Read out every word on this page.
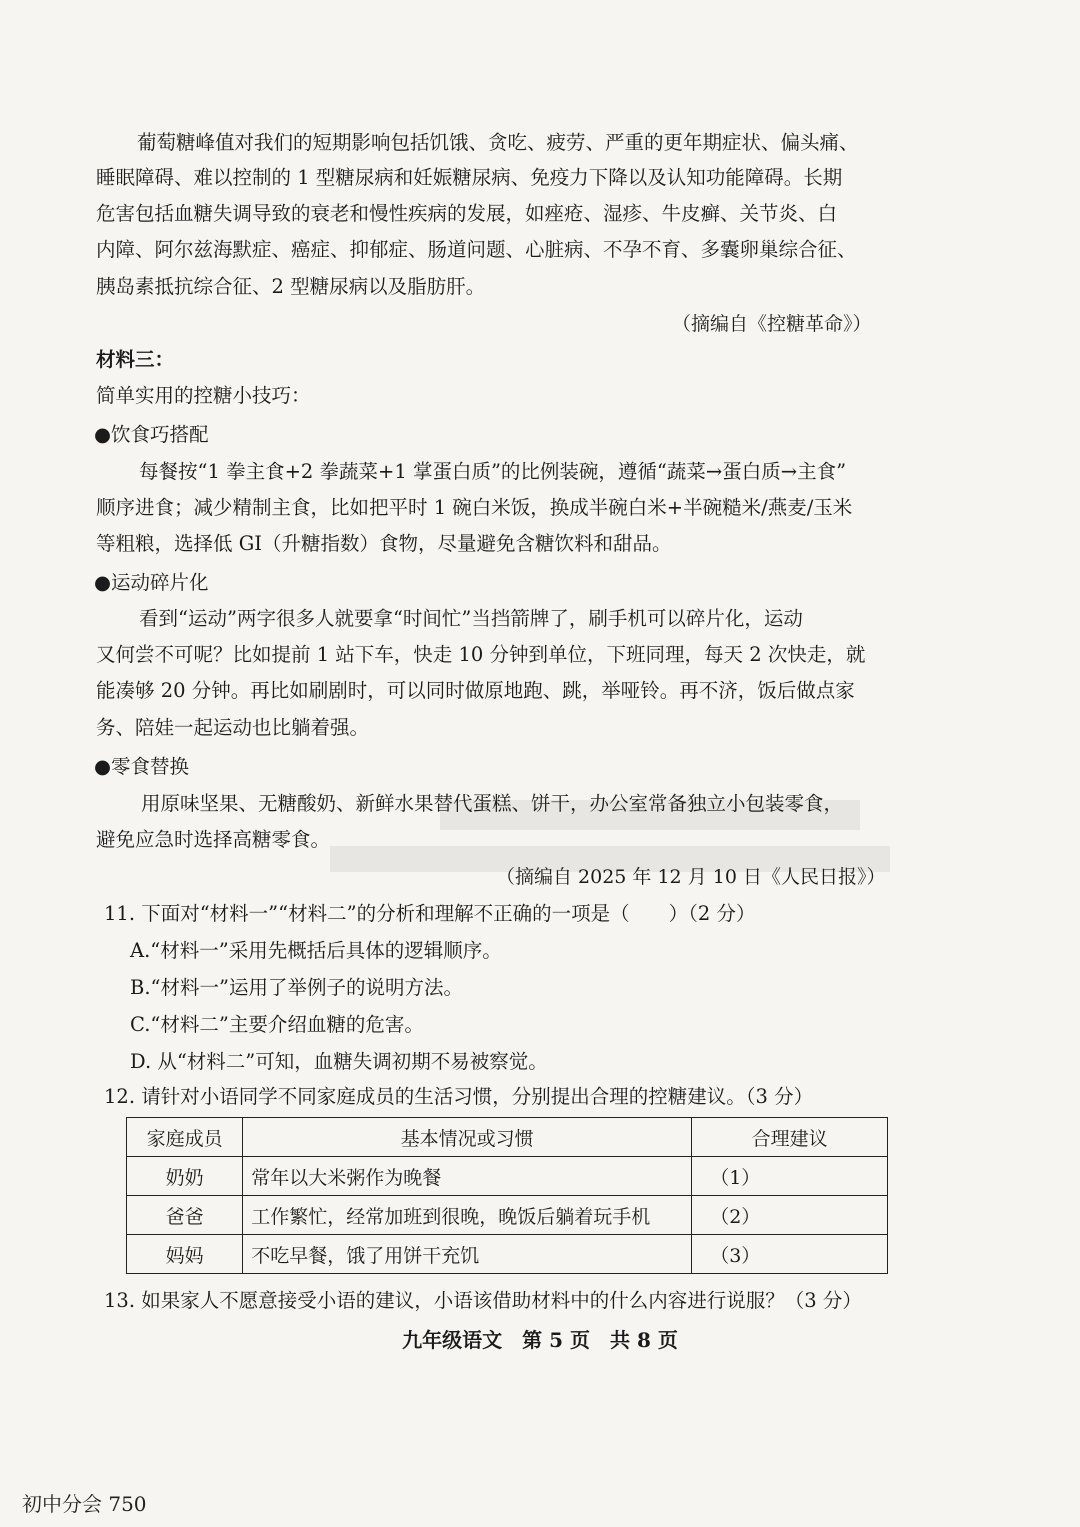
葡萄糖峰值对我们的短期影响包括饥饿、贪吃、疲劳、严重的更年期症状、偏头痛、
睡眠障碍、难以控制的 1 型糖尿病和妊娠糖尿病、免疫力下降以及认知功能障碍。长期
危害包括血糖失调导致的衰老和慢性疾病的发展，如痤疮、湿疹、牛皮癣、关节炎、白
内障、阿尔兹海默症、癌症、抑郁症、肠道问题、心脏病、不孕不育、多囊卵巢综合征、
胰岛素抵抗综合征、2 型糖尿病以及脂肪肝。
（摘编自《控糖革命》）
材料三：
简单实用的控糖小技巧：
●饮食巧搭配
每餐按“1 拳主食+2 拳蔬菜+1 掌蛋白质”的比例装碗，遵循“蔬菜→蛋白质→主食”
顺序进食；减少精制主食，比如把平时 1 碗白米饭，换成半碗白米+半碗糙米/燕麦/玉米
等粗粮，选择低 GI（升糖指数）食物，尽量避免含糖饮料和甜品。
●运动碎片化
看到“运动”两字很多人就要拿“时间忙”当挡箭牌了，刷手机可以碎片化，运动
又何尝不可呢？比如提前 1 站下车，快走 10 分钟到单位，下班同理，每天 2 次快走，就
能凑够 20 分钟。再比如刷剧时，可以同时做原地跑、跳，举哑铃。再不济，饭后做点家
务、陪娃一起运动也比躺着强。
●零食替换
用原味坚果、无糖酸奶、新鲜水果替代蛋糕、饼干，办公室常备独立小包装零食，
避免应急时选择高糖零食。
（摘编自 2025 年 12 月 10 日《人民日报》）
11. 下面对“材料一”“材料二”的分析和理解不正确的一项是（　　）（2 分）
A.“材料一”采用先概括后具体的逻辑顺序。
B.“材料一”运用了举例子的说明方法。
C.“材料二”主要介绍血糖的危害。
D. 从“材料二”可知，血糖失调初期不易被察觉。
12. 请针对小语同学不同家庭成员的生活习惯，分别提出合理的控糖建议。（3 分）
家庭成员	基本情况或习惯	合理建议
奶奶	常年以大米粥作为晚餐	（1）
爸爸	工作繁忙，经常加班到很晚，晚饭后躺着玩手机	（2）
妈妈	不吃早餐，饿了用饼干充饥	（3）
13. 如果家人不愿意接受小语的建议，小语该借助材料中的什么内容进行说服？（3 分）
九年级语文　第 5 页　共 8 页
初中分会 750
